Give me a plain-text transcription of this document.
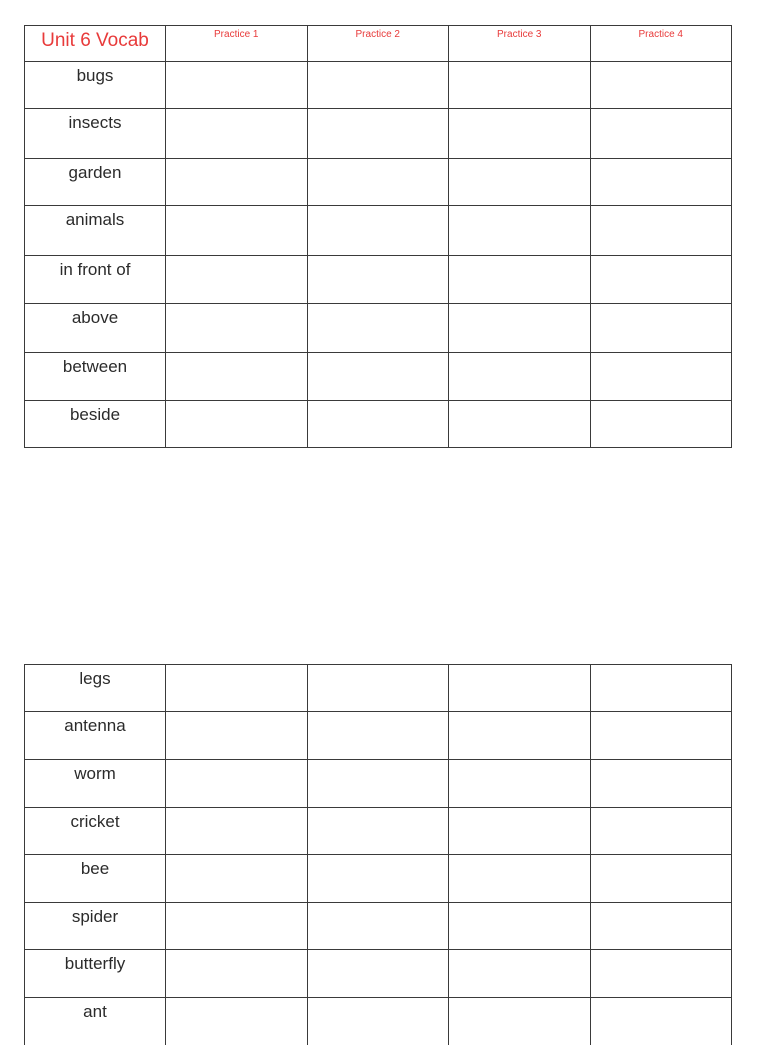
Unit 6 Vocab	Practice 1	Practice 2	Practice 3	Practice 4
bugs				
insects				
garden				
animals				
in front of				
above				
between				
beside				
legs				
antenna				
worm				
cricket				
bee				
spider				
butterfly				
ant				
